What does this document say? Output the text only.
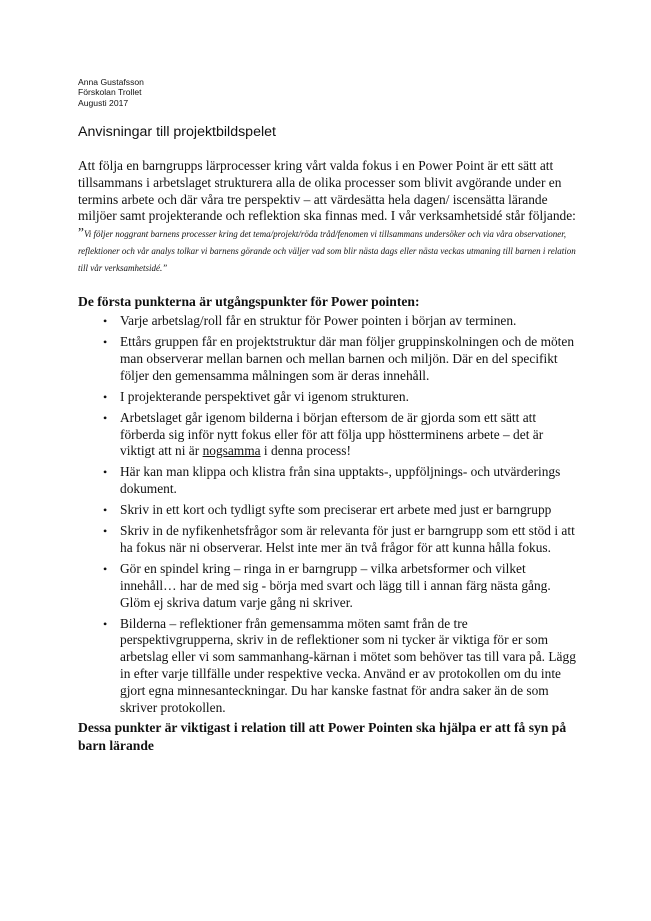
Anna Gustafsson
Förskolan Trollet
Augusti 2017
Anvisningar till projektbildspelet

Att följa en barngrupps lärprocesser kring vårt valda fokus i en Power Point är ett sätt att tillsammans i arbetslaget strukturera alla de olika processer som blivit avgörande under en termins arbete och där våra tre perspektiv – att värdesätta hela dagen/ iscensätta lärande miljöer samt projekterande och reflektion ska finnas med. I vår verksamhetsidé står följande: ”Vi följer noggrant barnens processer kring det tema/projekt/röda tråd/fenomen vi tillsammans undersöker och via våra observationer, reflektioner och vår analys tolkar vi barnens görande och väljer vad som blir nästa dags eller nästa veckas utmaning till barnen i relation till vår verksamhetsidé.”

De första punkterna är utgångspunkter för Power pointen:

• Varje arbetslag/roll får en struktur för Power pointen i början av terminen.
• Ettårs gruppen får en projektstruktur där man följer gruppinskolningen och de möten man observerar mellan barnen och mellan barnen och miljön. Där en del specifikt följer den gemensamma målningen som är deras innehåll.
• I projekterande perspektivet går vi igenom strukturen.
• Arbetslaget går igenom bilderna i början eftersom de är gjorda som ett sätt att förberda sig inför nytt fokus eller för att följa upp höstterminens arbete – det är viktigt att ni är nogsamma i denna process!
• Här kan man klippa och klistra från sina upptakts-, uppföljnings- och utvärderings dokument.
• Skriv in ett kort och tydligt syfte som preciserar ert arbete med just er barngrupp
• Skriv in de nyfikenhetsfrågor som är relevanta för just er barngrupp som ett stöd i att ha fokus när ni observerar. Helst inte mer än två frågor för att kunna hålla fokus.
• Gör en spindel kring – ringa in er barngrupp – vilka arbetsformer och vilket innehåll… har de med sig - börja med svart och lägg till i annan färg nästa gång. Glöm ej skriva datum varje gång ni skriver.
• Bilderna – reflektioner från gemensamma möten samt från de tre perspektivgrupperna, skriv in de reflektioner som ni tycker är viktiga för er som arbetslag eller vi som sammanhang-kärnan i mötet som behöver tas till vara på. Lägg in efter varje tillfälle under respektive vecka. Använd er av protokollen om du inte gjort egna minnesanteckningar. Du har kanske fastnat för andra saker än de som skriver protokollen.

Dessa punkter är viktigast i relation till att Power Pointen ska hjälpa er att få syn på barn lärande
